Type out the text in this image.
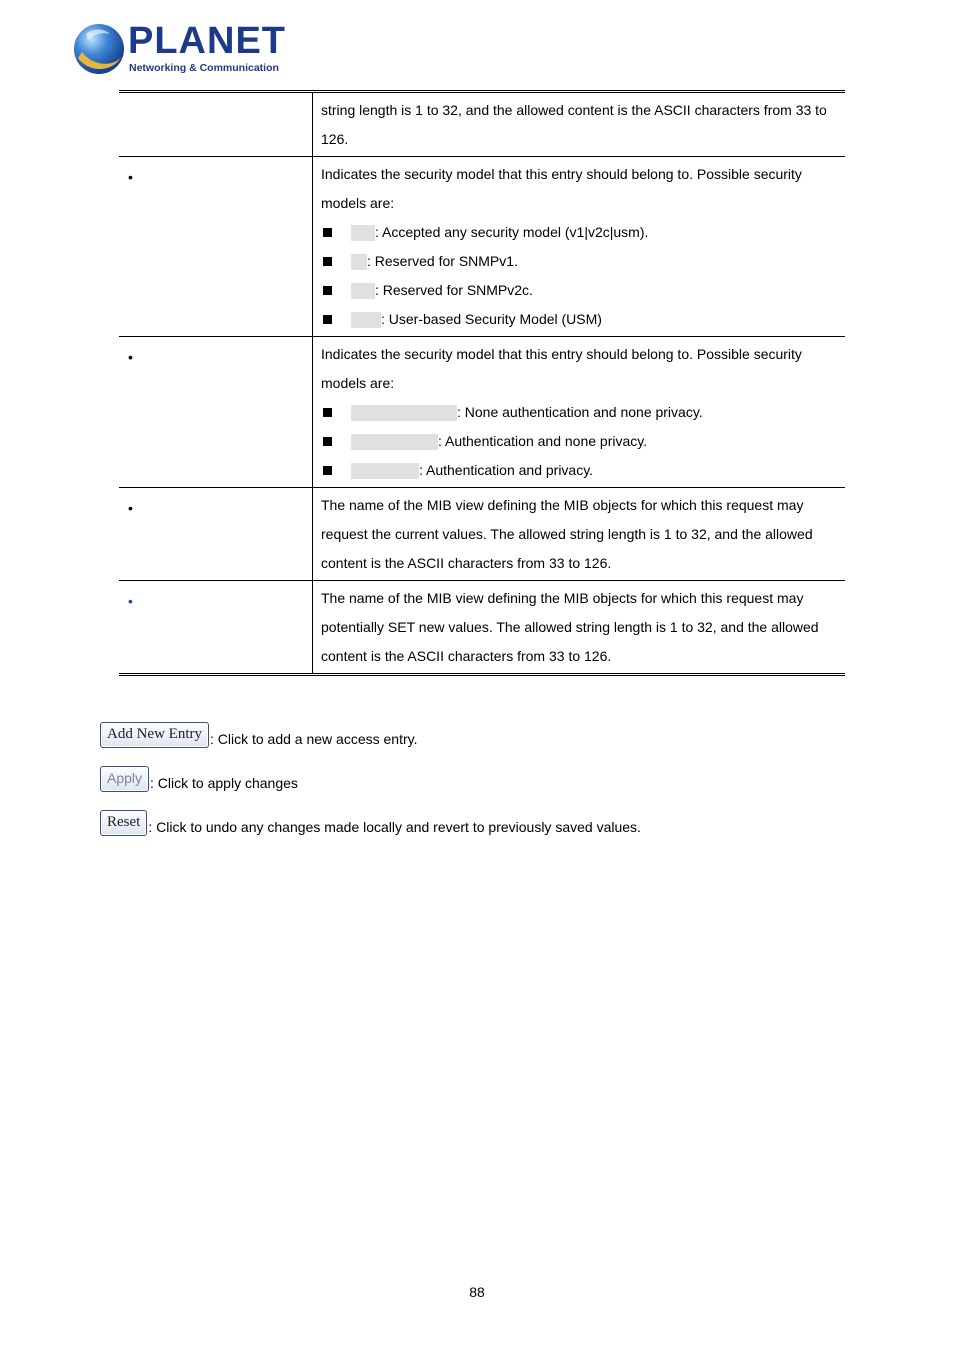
PLANET
Networking & Communication

	string length is 1 to 32, and the allowed content is the ASCII characters from 33 to 126.

•	Indicates the security model that this entry should belong to. Possible security models are:
: Accepted any security model (v1|v2c|usm).
: Reserved for SNMPv1.
: Reserved for SNMPv2c.
: User-based Security Model (USM)

•	Indicates the security model that this entry should belong to. Possible security models are:
: None authentication and none privacy.
: Authentication and none privacy.
: Authentication and privacy.

•	The name of the MIB view defining the MIB objects for which this request may request the current values. The allowed string length is 1 to 32, and the allowed content is the ASCII characters from 33 to 126.

•	The name of the MIB view defining the MIB objects for which this request may potentially SET new values. The allowed string length is 1 to 32, and the allowed content is the ASCII characters from 33 to 126.
Add New Entry : Click to add a new access entry.
Apply : Click to apply changes
Reset : Click to undo any changes made locally and revert to previously saved values.
88
